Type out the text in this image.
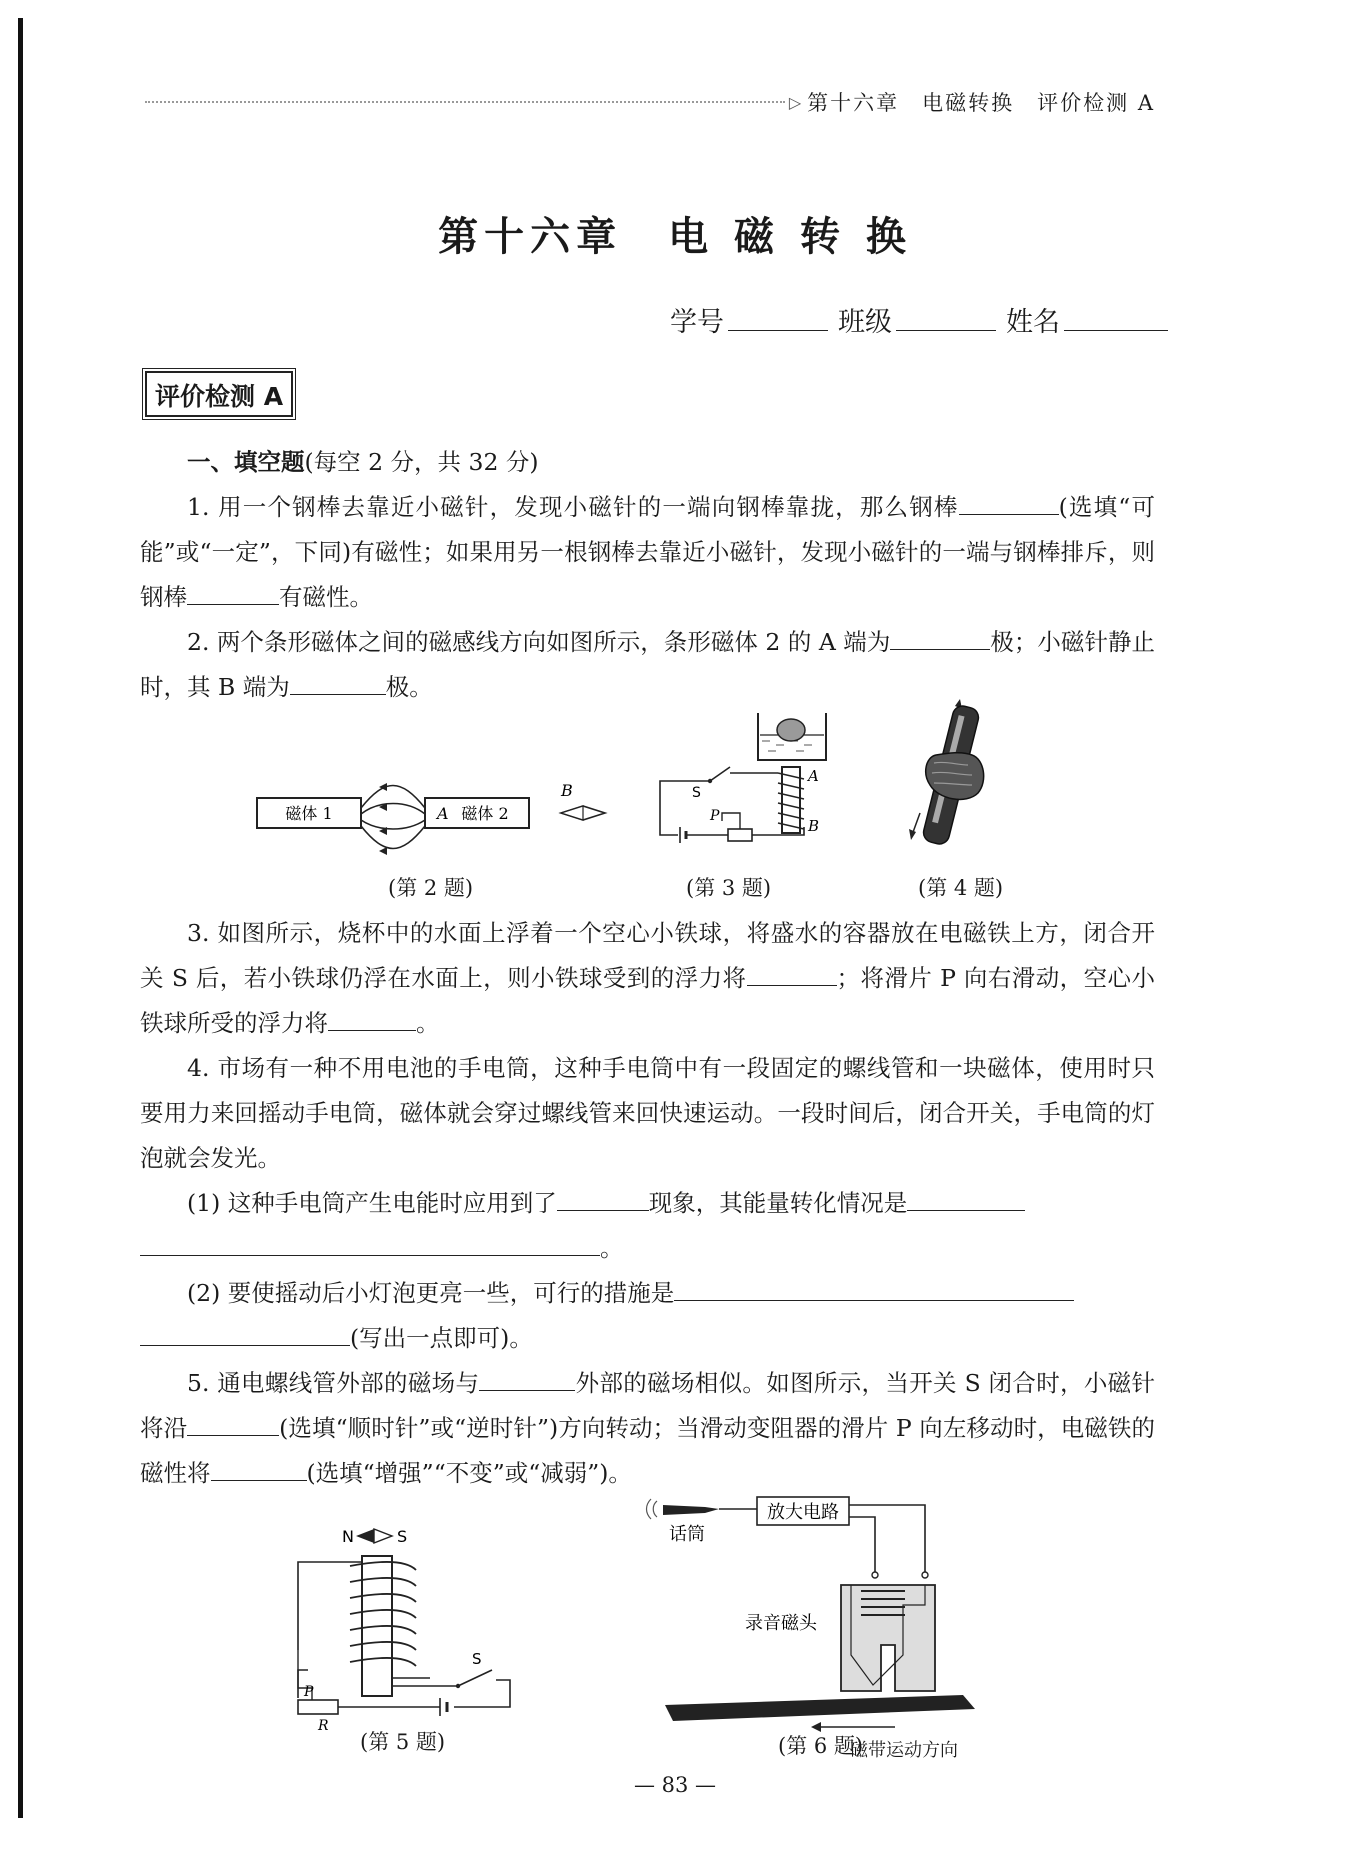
▷ 第十六章　电磁转换　评价检测 A
第十六章　电 磁 转 换
学号	班级	姓名
评价检测 A

一、填空题(每空 2 分，共 32 分)

1. 用一个钢棒去靠近小磁针，发现小磁针的一端向钢棒靠拢，那么钢棒	(选填“可能”或“一定”，下同)有磁性；如果用另一根钢棒去靠近小磁针，发现小磁针的一端与钢棒排斥，则钢棒	有磁性。

2. 两个条形磁体之间的磁感线方向如图所示，条形磁体 2 的 A 端为	极；小磁针静止时，其 B 端为	极。

磁体 1	A 磁体 2
B
(第 2 题)
A
B
S
P
(第 3 题)	(第 4 题)

3. 如图所示，烧杯中的水面上浮着一个空心小铁球，将盛水的容器放在电磁铁上方，闭合开关 S 后，若小铁球仍浮在水面上，则小铁球受到的浮力将	；将滑片 P 向右滑动，空心小铁球所受的浮力将	。

4. 市场有一种不用电池的手电筒，这种手电筒中有一段固定的螺线管和一块磁体，使用时只要用力来回摇动手电筒，磁体就会穿过螺线管来回快速运动。一段时间后，闭合开关，手电筒的灯泡就会发光。

(1) 这种手电筒产生电能时应用到了	现象，其能量转化情况是
。

(2) 要使摇动后小灯泡更亮一些，可行的措施是
(写出一点即可)。

5. 通电螺线管外部的磁场与	外部的磁场相似。如图所示，当开关 S 闭合时，小磁针将沿	(选填“顺时针”或“逆时针”)方向转动；当滑动变阻器的滑片 P 向左移动时，电磁铁的磁性将	(选填“增强”“不变”或“减弱”)。

N	S
P
R
S
(第 5 题)
话筒
放大电路
录音磁头
磁带运动方向
(第 6 题)
— 83 —
